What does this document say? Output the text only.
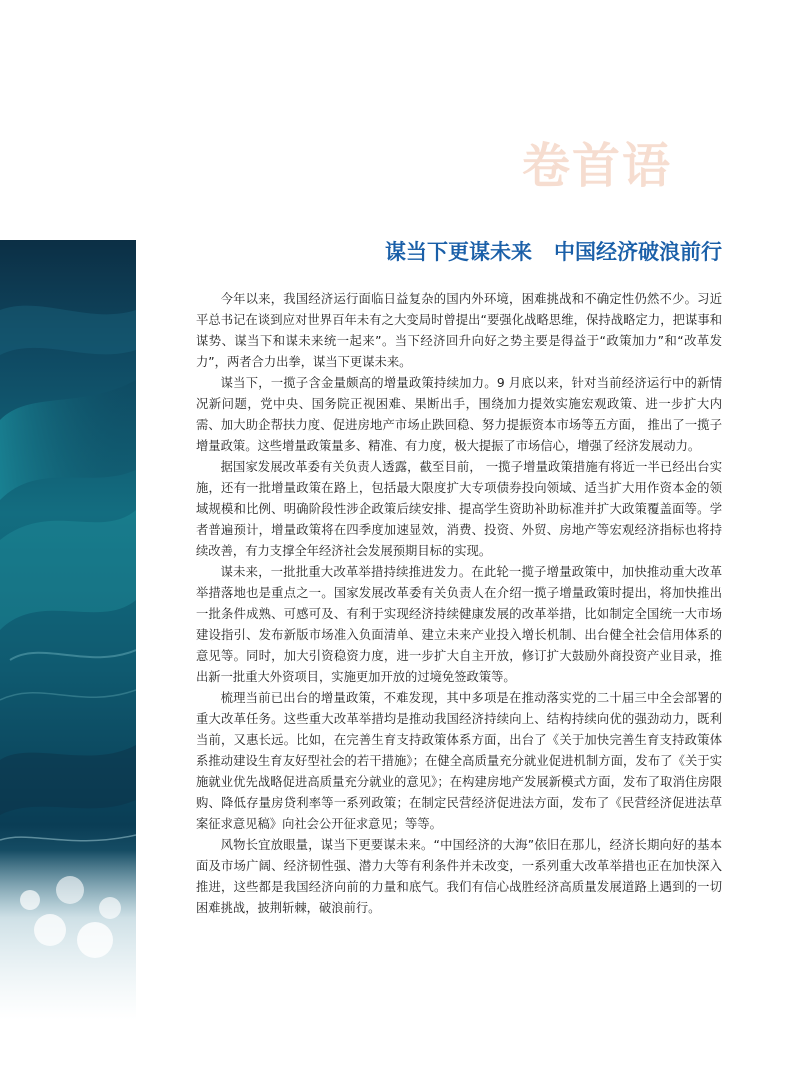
卷首语
谋当下更谋未来 中国经济破浪前行

今年以来，我国经济运行面临日益复杂的国内外环境，困难挑战和不确定性仍然不少。习近平总书记在谈到应对世界百年未有之大变局时曾提出“要强化战略思维，保持战略定力，把谋事和谋势、谋当下和谋未来统一起来”。当下经济回升向好之势主要是得益于“政策加力”和“改革发力”，两者合力出拳，谋当下更谋未来。

谋当下，一揽子含金量颇高的增量政策持续加力。9 月底以来，针对当前经济运行中的新情况新问题，党中央、国务院正视困难、果断出手，围绕加力提效实施宏观政策、进一步扩大内需、加大助企帮扶力度、促进房地产市场止跌回稳、努力提振资本市场等五方面， 推出了一揽子增量政策。这些增量政策量多、精准、有力度，极大提振了市场信心，增强了经济发展动力。

据国家发展改革委有关负责人透露，截至目前， 一揽子增量政策措施有将近一半已经出台实施，还有一批增量政策在路上，包括最大限度扩大专项债券投向领域、适当扩大用作资本金的领域规模和比例、明确阶段性涉企政策后续安排、提高学生资助补助标准并扩大政策覆盖面等。学者普遍预计，增量政策将在四季度加速显效，消费、投资、外贸、房地产等宏观经济指标也将持续改善，有力支撑全年经济社会发展预期目标的实现。

谋未来，一批批重大改革举措持续推进发力。在此轮一揽子增量政策中，加快推动重大改革举措落地也是重点之一。国家发展改革委有关负责人在介绍一揽子增量政策时提出，将加快推出一批条件成熟、可感可及、有利于实现经济持续健康发展的改革举措，比如制定全国统一大市场建设指引、发布新版市场准入负面清单、建立未来产业投入增长机制、出台健全社会信用体系的意见等。同时，加大引资稳资力度，进一步扩大自主开放，修订扩大鼓励外商投资产业目录，推出新一批重大外资项目，实施更加开放的过境免签政策等。

梳理当前已出台的增量政策，不难发现，其中多项是在推动落实党的二十届三中全会部署的重大改革任务。这些重大改革举措均是推动我国经济持续向上、结构持续向优的强劲动力，既利当前，又惠长远。比如，在完善生育支持政策体系方面，出台了《关于加快完善生育支持政策体系推动建设生育友好型社会的若干措施》；在健全高质量充分就业促进机制方面，发布了《关于实施就业优先战略促进高质量充分就业的意见》；在构建房地产发展新模式方面，发布了取消住房限购、降低存量房贷利率等一系列政策；在制定民营经济促进法方面，发布了《民营经济促进法草案征求意见稿》向社会公开征求意见；等等。

风物长宜放眼量，谋当下更要谋未来。“中国经济的大海”依旧在那儿，经济长期向好的基本面及市场广阔、经济韧性强、潜力大等有利条件并未改变，一系列重大改革举措也正在加快深入推进，这些都是我国经济向前的力量和底气。我们有信心战胜经济高质量发展道路上遇到的一切困难挑战，披荆斩棘，破浪前行。
